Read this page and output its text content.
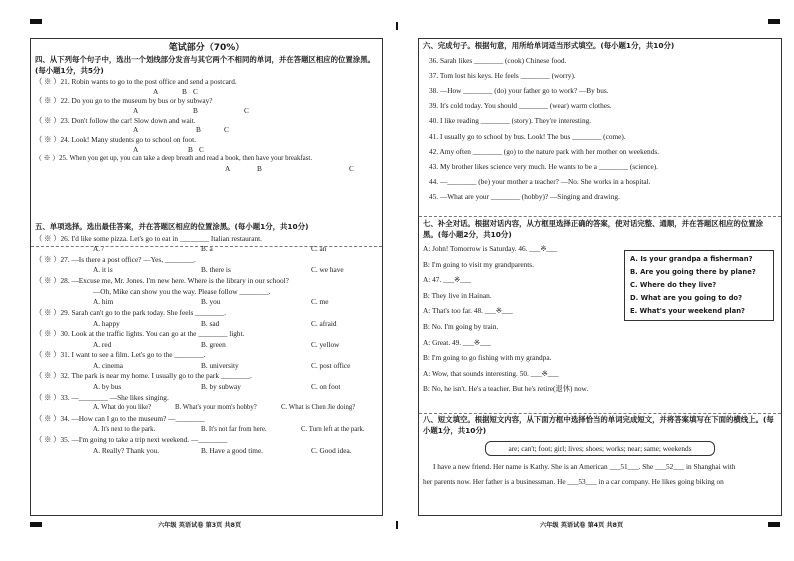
笔试部分（70%）
四、从下列每个句子中，选出一个划线部分发音与其它两个不相同的单词，并在答题区相应的位置涂黑。(每小题1分，共5分)
（ ※ ）21. Robin wants to go to the post office and send a postcard.
A	B C
（ ※ ）22. Do you go to the museum by bus or by subway?
A	B	C
（ ※ ）23. Don't follow the car! Slow down and wait.
A	B	C
（ ※ ）24. Look! Many students go to school on foot.
A	B C
（ ※ ）25. When you get up, you can take a deep breath and read a book, then have your breakfast.
A	B	C
五、单项选择。选出最佳答案，并在答题区相应的位置涂黑。(每小题1分，共10分)
（ ※ ）26. I'd like some pizza. Let's go to eat in ________ Italian restaurant.
A. /	B. a	C. an
（ ※ ）27. —Is there a post office? —Yes, ________.
A. it is	B. there is	C. we have
（ ※ ）28. —Excuse me, Mr. Jones. I'm new here. Where is the library in our school?
—Oh, Mike can show you the way. Please follow ________.
A. him	B. you	C. me
（ ※ ）29. Sarah can't go to the park today. She feels ________.
A. happy	B. sad	C. afraid
（ ※ ）30. Look at the traffic lights. You can go at the ________ light.
A. red	B. green	C. yellow
（ ※ ）31. I want to see a film. Let's go to the ________.
A. cinema	B. university	C. post office
（ ※ ）32. The park is near my home. I usually go to the park ________.
A. by bus	B. by subway	C. on foot
（ ※ ）33. —________ —She likes singing.
A. What do you like?	B. What's your mom's hobby?	C. What is Chen Jie doing?
（ ※ ）34. —How can I go to the museum? —________
A. It's next to the park.	B. It's not far from here.	C. Turn left at the park.
（ ※ ）35. —I'm going to take a trip next weekend. —________
A. Really? Thank you.	B. Have a good time.	C. Good idea.
六、完成句子。根据句意，用所给单词适当形式填空。(每小题1分，共10分)
36. Sarah likes ________ (cook) Chinese food.
37. Tom lost his keys. He feels ________ (worry).
38. —How ________ (do) your father go to work? —By bus.
39. It's cold today. You should ________ (wear) warm clothes.
40. I like reading ________ (story). They're interesting.
41. I usually go to school by bus. Look! The bus ________ (come).
42. Amy often ________ (go) to the nature park with her mother on weekends.
43. My brother likes science very much. He wants to be a ________ (science).
44. —________ (be) your mother a teacher? —No. She works in a hospital.
45. —What are your ________ (hobby)? —Singing and drawing.
七、补全对话。根据对话内容，从方框里选择正确的答案，使对话完整、通顺，并在答题区相应的位置涂黑。(每小题2分，共10分)
A: John! Tomorrow is Saturday. 46. ___※___
B: I'm going to visit my grandparents.
A: 47. ___※___
B: They live in Hainan.
A: That's too far. 48. ___※___
B: No. I'm going by train.
A: Great. 49. ___※___
B: I'm going to go fishing with my grandpa.
A: Wow, that sounds interesting. 50. ___※___
B: No, he isn't. He's a teacher. But he's retire(退休) now.
A. Is your grandpa a fisherman?
B. Are you going there by plane?
C. Where do they live?
D. What are you going to do?
E. What's your weekend plan?
八、短文填空。根据短文内容，从下面方框中选择恰当的单词完成短文，并将答案填写在下面的横线上。(每小题1分，共10分)
are; can't; foot; girl; lives; shoes; works; near; same; weekends
I have a new friend. Her name is Kathy. She is an American ___51___. She ___52___ in Shanghai with
her parents now. Her father is a businessman. He ___53___ in a car company. He likes going biking on
六年级 英语试卷 第3页 共8页	六年级 英语试卷 第4页 共8页
